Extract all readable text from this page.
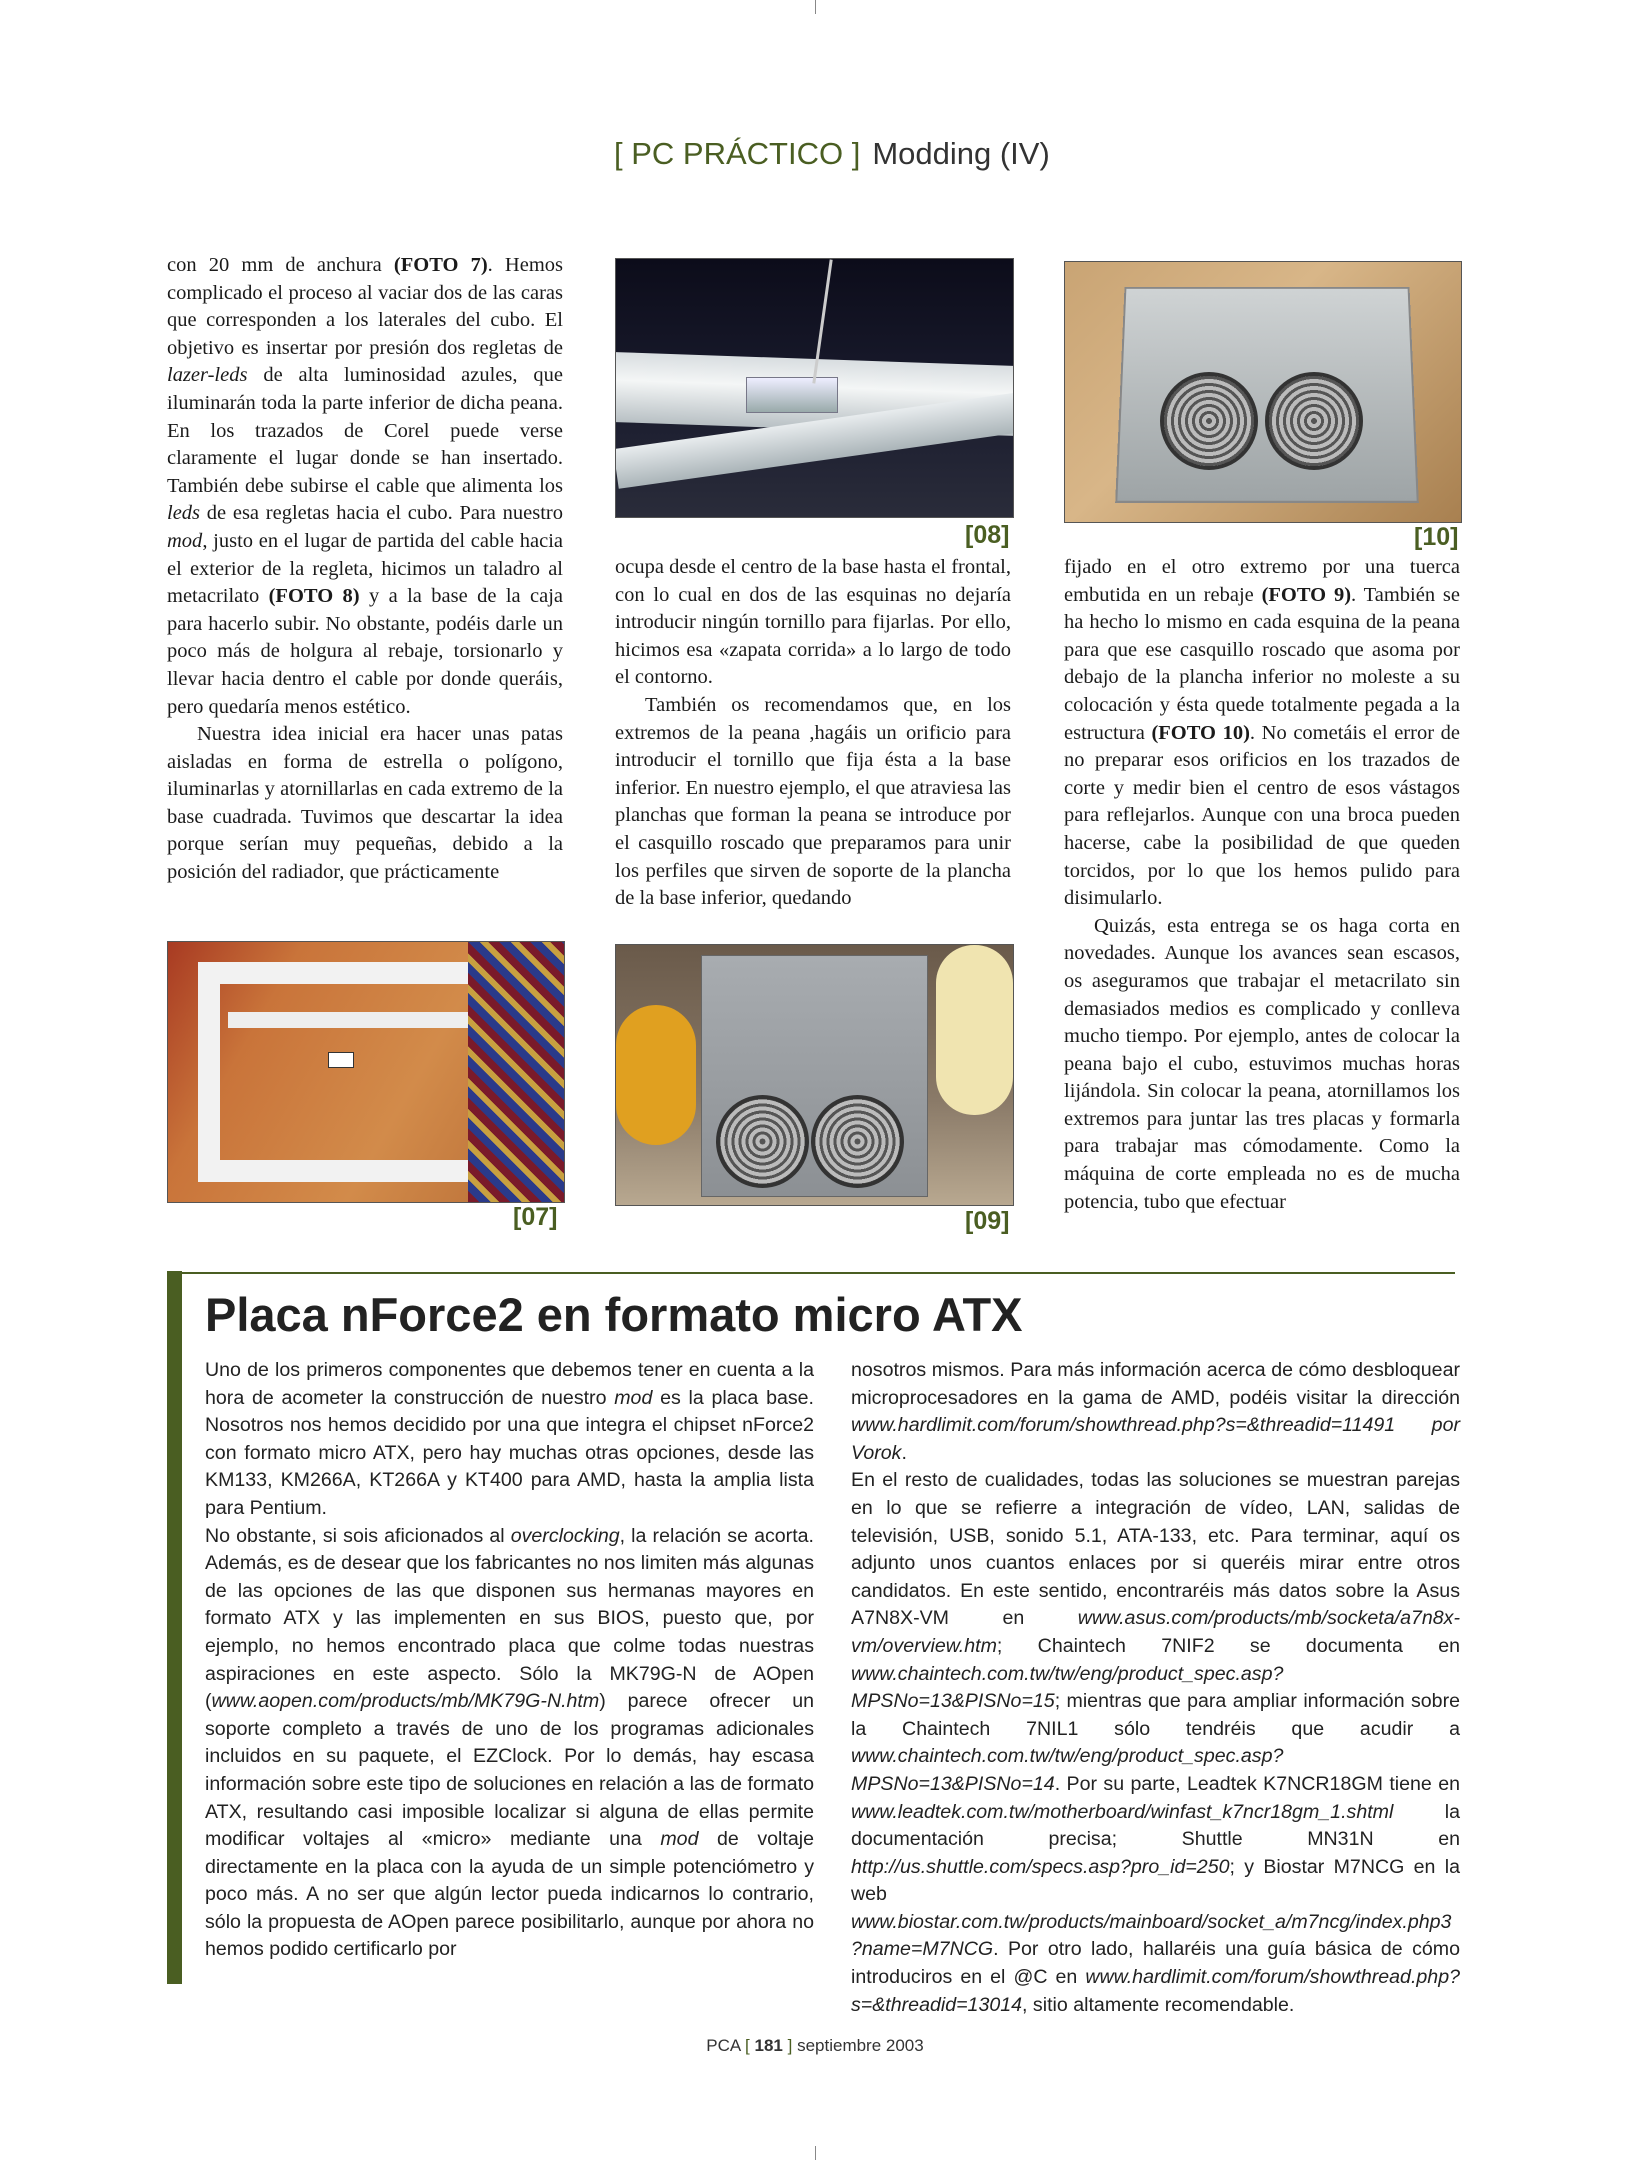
[ PC PRÁCTICO ] Modding (IV)

con 20 mm de anchura (FOTO 7). Hemos complicado el proceso al vaciar dos de las caras que corresponden a los laterales del cubo. El objetivo es insertar por presión dos regletas de lazer-leds de alta luminosidad azules, que iluminarán toda la parte inferior de dicha peana. En los trazados de Corel puede verse claramente el lugar donde se han insertado. También debe subirse el cable que alimenta los leds de esa regletas hacia el cubo. Para nuestro mod, justo en el lugar de partida del cable hacia el exterior de la regleta, hicimos un taladro al metacrilato (FOTO 8) y a la base de la caja para hacerlo subir. No obstante, podéis darle un poco más de holgura al rebaje, torsionarlo y llevar hacia dentro el cable por donde queráis, pero quedaría menos estético.

Nuestra idea inicial era hacer unas patas aisladas en forma de estrella o polígono, iluminarlas y atornillarlas en cada extremo de la base cuadrada. Tuvimos que descartar la idea porque serían muy pequeñas, debido a la posición del radiador, que prácticamente

ocupa desde el centro de la base hasta el frontal, con lo cual en dos de las esquinas no dejaría introducir ningún tornillo para fijarlas. Por ello, hicimos esa «zapata corrida» a lo largo de todo el contorno.

También os recomendamos que, en los extremos de la peana ,hagáis un orificio para introducir el tornillo que fija ésta a la base inferior. En nuestro ejemplo, el que atraviesa las planchas que forman la peana se introduce por el casquillo roscado que preparamos para unir los perfiles que sirven de soporte de la plancha de la base inferior, quedando

fijado en el otro extremo por una tuerca embutida en un rebaje (FOTO 9). También se ha hecho lo mismo en cada esquina de la peana para que ese casquillo roscado que asoma por debajo de la plancha inferior no moleste a su colocación y ésta quede totalmente pegada a la estructura (FOTO 10). No cometáis el error de no preparar esos orificios en los trazados de corte y medir bien el centro de esos vástagos para reflejarlos. Aunque con una broca pueden hacerse, cabe la posibilidad de que queden torcidos, por lo que los hemos pulido para disimularlo.

Quizás, esta entrega se os haga corta en novedades. Aunque los avances sean escasos, os aseguramos que trabajar el metacrilato sin demasiados medios es complicado y conlleva mucho tiempo. Por ejemplo, antes de colocar la peana bajo el cubo, estuvimos muchas horas lijándola. Sin colocar la peana, atornillamos los extremos para juntar las tres placas y formarla para trabajar mas cómodamente. Como la máquina de corte empleada no es de mucha potencia, tubo que efectuar

[08]	[10]
[07]	[09]
Placa nForce2 en formato micro ATX

Uno de los primeros componentes que debemos tener en cuenta a la hora de acometer la construcción de nuestro mod es la placa base. Nosotros nos hemos decidido por una que integra el chipset nForce2 con formato micro ATX, pero hay muchas otras opciones, desde las KM133, KM266A, KT266A y KT400 para AMD, hasta la amplia lista para Pentium.

No obstante, si sois aficionados al overclocking, la relación se acorta. Además, es de desear que los fabricantes no nos limiten más algunas de las opciones de las que disponen sus hermanas mayores en formato ATX y las implementen en sus BIOS, puesto que, por ejemplo, no hemos encontrado placa que colme todas nuestras aspiraciones en este aspecto. Sólo la MK79G-N de AOpen (www.aopen.com/products/mb/MK79G-N.htm) parece ofrecer un soporte completo a través de uno de los programas adicionales incluidos en su paquete, el EZClock. Por lo demás, hay escasa información sobre este tipo de soluciones en relación a las de formato ATX, resultando casi imposible localizar si alguna de ellas permite modificar voltajes al «micro» mediante una mod de voltaje directamente en la placa con la ayuda de un simple potenciómetro y poco más. A no ser que algún lector pueda indicarnos lo contrario, sólo la propuesta de AOpen parece posibilitarlo, aunque por ahora no hemos podido certificarlo por

nosotros mismos. Para más información acerca de cómo desbloquear microprocesadores en la gama de AMD, podéis visitar la dirección www.hardlimit.com/forum/showthread.php?s=&threadid=11491 por Vorok.

En el resto de cualidades, todas las soluciones se muestran parejas en lo que se refierre a integración de vídeo, LAN, salidas de televisión, USB, sonido 5.1, ATA-133, etc. Para terminar, aquí os adjunto unos cuantos enlaces por si queréis mirar entre otros candidatos. En este sentido, encontraréis más datos sobre la Asus A7N8X-VM en www.asus.com/products/mb/socketa/a7n8x-vm/overview.htm; Chaintech 7NIF2 se documenta en www.chaintech.com.tw/tw/eng/product_spec.asp?MPSNo=13&PISNo=15; mientras que para ampliar información sobre la Chaintech 7NIL1 sólo tendréis que acudir a www.chaintech.com.tw/tw/eng/product_spec.asp?MPSNo=13&PISNo=14. Por su parte, Leadtek K7NCR18GM tiene en www.leadtek.com.tw/motherboard/winfast_k7ncr18gm_1.shtml la documentación precisa; Shuttle MN31N en http://us.shuttle.com/specs.asp?pro_id=250; y Biostar M7NCG en la web www.biostar.com.tw/products/mainboard/socket_a/m7ncg/index.php3?name=M7NCG. Por otro lado, hallaréis una guía básica de cómo introduciros en el @C en www.hardlimit.com/forum/showthread.php?s=&threadid=13014, sitio altamente recomendable.

PCA [ 181 ] septiembre 2003
